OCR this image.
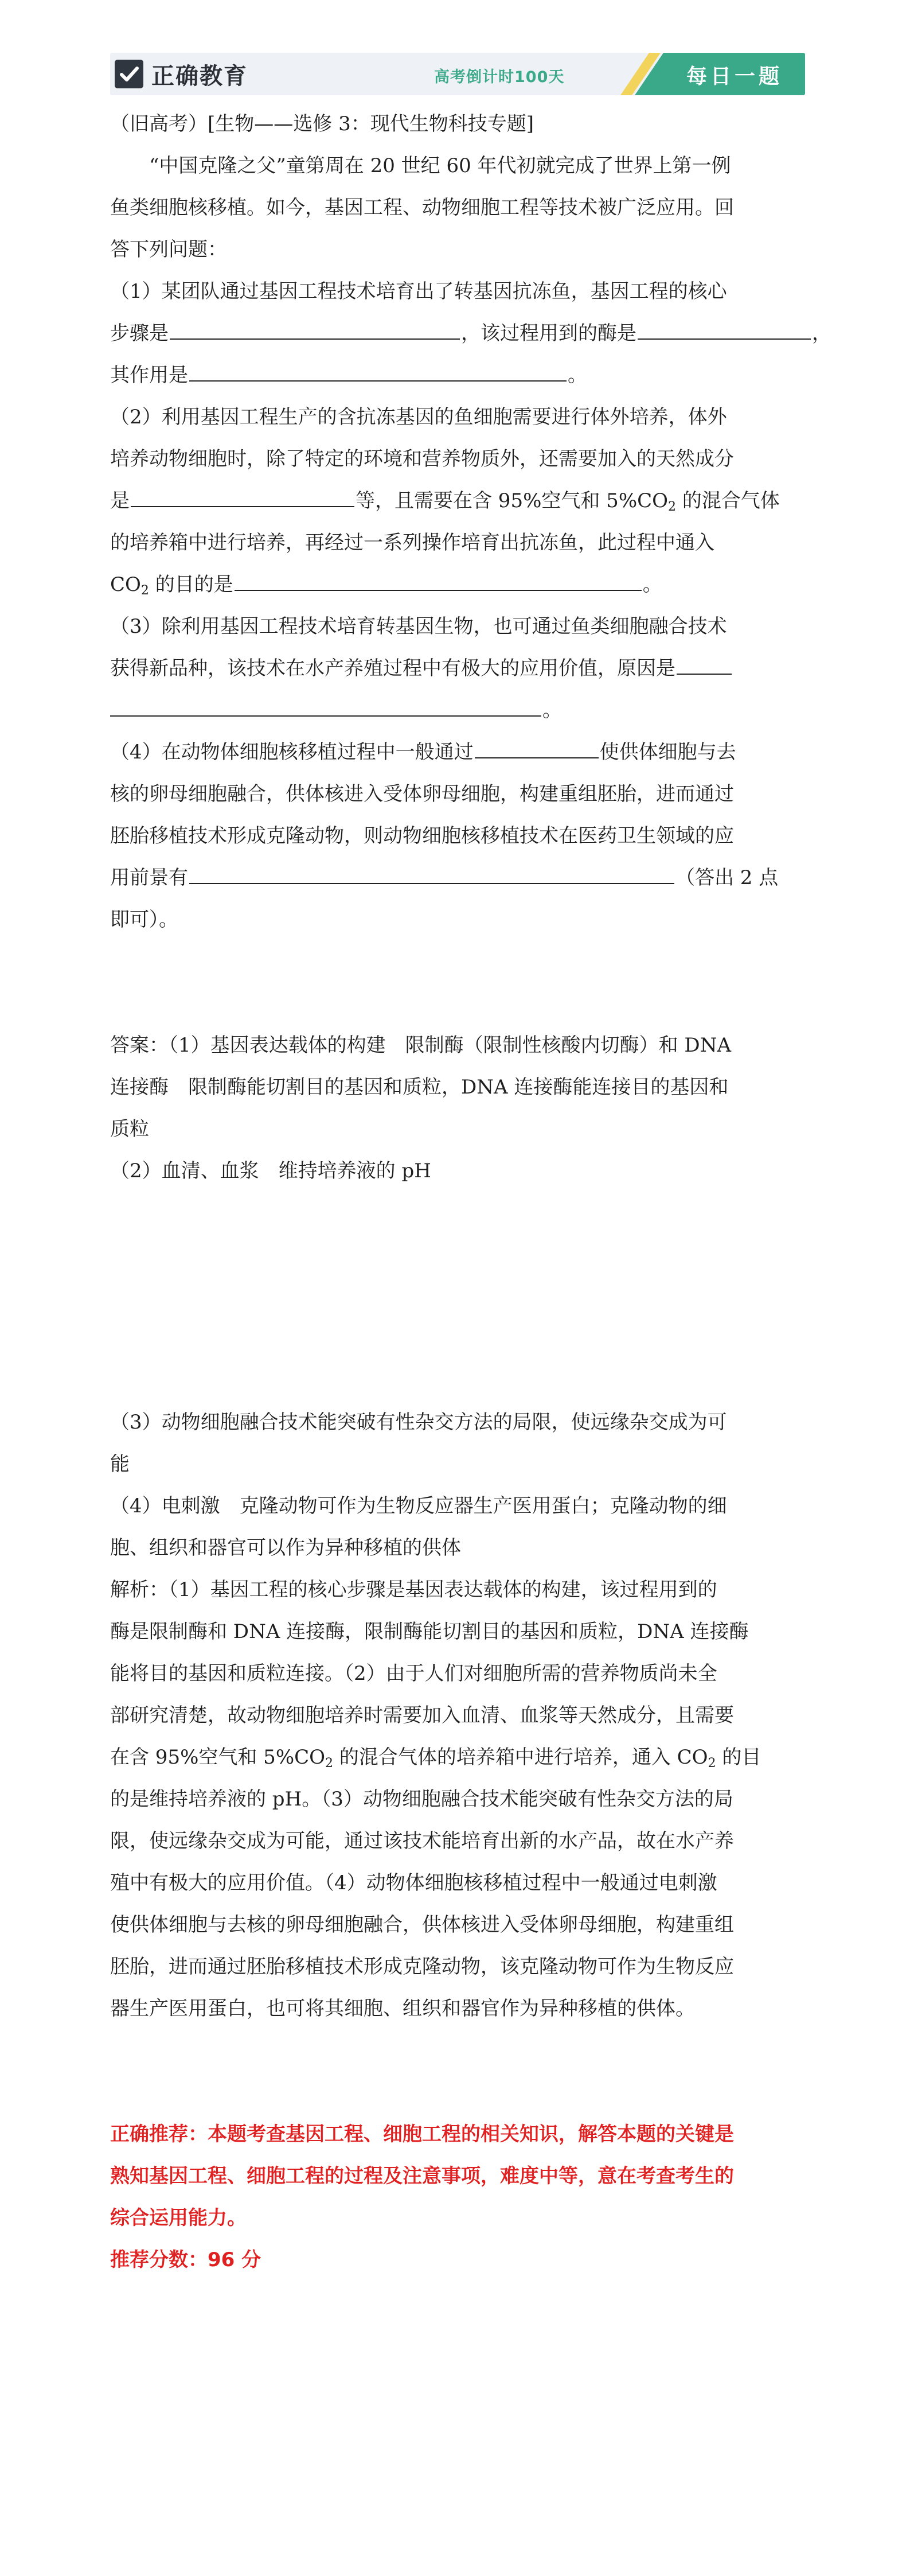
正确教育	高考倒计时100天	每日一题
（旧高考）[生物——选修 3：现代生物科技专题]
“中国克隆之父”童第周在 20 世纪 60 年代初就完成了世界上第一例
鱼类细胞核移植。如今，基因工程、动物细胞工程等技术被广泛应用。回
答下列问题：
（1）某团队通过基因工程技术培育出了转基因抗冻鱼，基因工程的核心
步骤是	，该过程用到的酶是	，
其作用是	。
（2）利用基因工程生产的含抗冻基因的鱼细胞需要进行体外培养，体外
培养动物细胞时，除了特定的环境和营养物质外，还需要加入的天然成分
是	等，且需要在含 95%空气和 $5\%CO_2$ 的混合气体
的培养箱中进行培养，再经过一系列操作培育出抗冻鱼，此过程中通入
$CO_2$ 的目的是	。
（3）除利用基因工程技术培育转基因生物，也可通过鱼类细胞融合技术
获得新品种，该技术在水产养殖过程中有极大的应用价值，原因是
。
（4）在动物体细胞核移植过程中一般通过	使供体细胞与去
核的卵母细胞融合，供体核进入受体卵母细胞，构建重组胚胎，进而通过
胚胎移植技术形成克隆动物，则动物细胞核移植技术在医药卫生领域的应
用前景有	（答出 2 点
即可）。
答案：（1）基因表达载体的构建　限制酶（限制性核酸内切酶）和 DNA
连接酶　限制酶能切割目的基因和质粒，DNA 连接酶能连接目的基因和
质粒
（2）血清、血浆　维持培养液的 pH
（3）动物细胞融合技术能突破有性杂交方法的局限，使远缘杂交成为可
能
（4）电刺激　克隆动物可作为生物反应器生产医用蛋白；克隆动物的细
胞、组织和器官可以作为异种移植的供体
解析：（1）基因工程的核心步骤是基因表达载体的构建，该过程用到的
酶是限制酶和 DNA 连接酶，限制酶能切割目的基因和质粒，DNA 连接酶
能将目的基因和质粒连接。（2）由于人们对细胞所需的营养物质尚未全
部研究清楚，故动物细胞培养时需要加入血清、血浆等天然成分，且需要
在含 95%空气和 $5\%CO_2$ 的混合气体的培养箱中进行培养，通入 $CO_2$ 的目
的是维持培养液的 pH。（3）动物细胞融合技术能突破有性杂交方法的局
限，使远缘杂交成为可能，通过该技术能培育出新的水产品，故在水产养
殖中有极大的应用价值。（4）动物体细胞核移植过程中一般通过电刺激
使供体细胞与去核的卵母细胞融合，供体核进入受体卵母细胞，构建重组
胚胎，进而通过胚胎移植技术形成克隆动物，该克隆动物可作为生物反应
器生产医用蛋白，也可将其细胞、组织和器官作为异种移植的供体。
正确推荐：本题考查基因工程、细胞工程的相关知识，解答本题的关键是
熟知基因工程、细胞工程的过程及注意事项，难度中等，意在考查考生的
综合运用能力。
推荐分数：96 分
